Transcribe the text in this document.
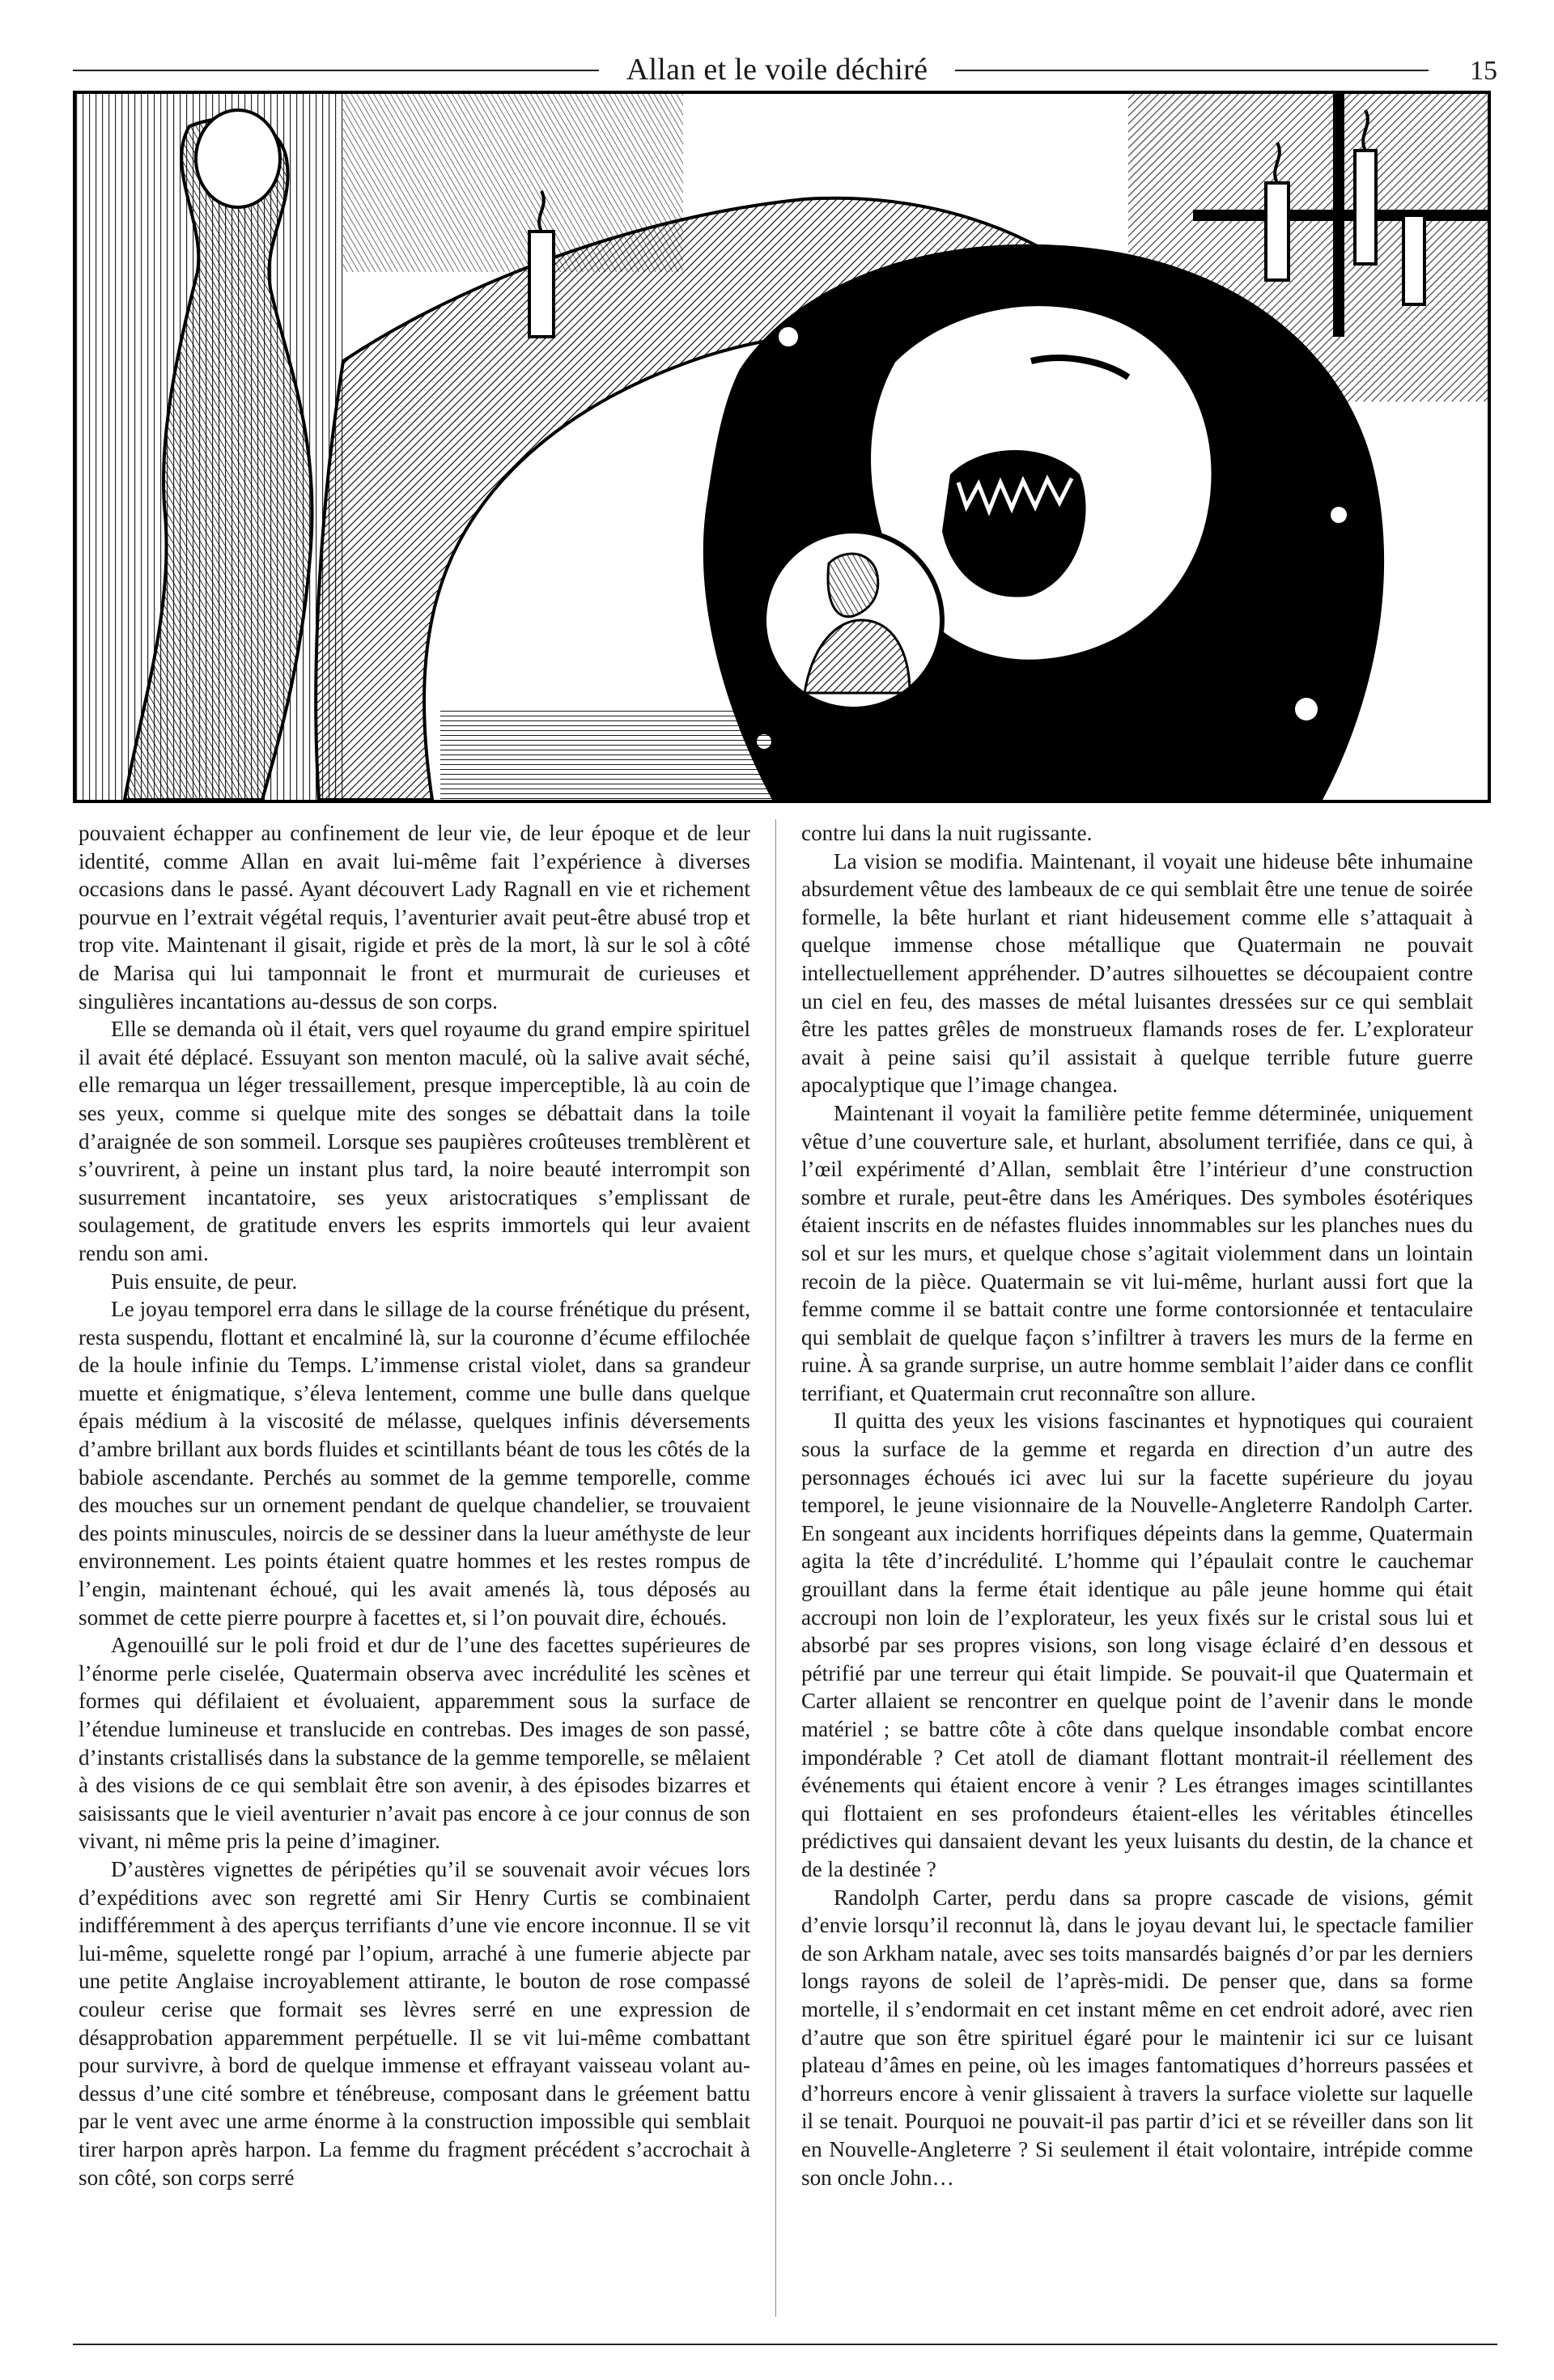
Allan et le voile déchiré	15

pouvaient échapper au confinement de leur vie, de leur époque et de leur identité, comme Allan en avait lui-même fait l’expérience à diverses occasions dans le passé. Ayant découvert Lady Ragnall en vie et richement pourvue en l’extrait végétal requis, l’aventurier avait peut-être abusé trop et trop vite. Maintenant il gisait, rigide et près de la mort, là sur le sol à côté de Marisa qui lui tamponnait le front et murmurait de curieuses et singulières incantations au-dessus de son corps.

Elle se demanda où il était, vers quel royaume du grand empire spirituel il avait été déplacé. Essuyant son menton maculé, où la salive avait séché, elle remarqua un léger tressaillement, presque imperceptible, là au coin de ses yeux, comme si quelque mite des songes se débattait dans la toile d’araignée de son sommeil. Lorsque ses paupières croûteuses tremblèrent et s’ouvrirent, à peine un instant plus tard, la noire beauté interrompit son susurrement incantatoire, ses yeux aristocratiques s’emplissant de soulagement, de gratitude envers les esprits immortels qui leur avaient rendu son ami.

Puis ensuite, de peur.

Le joyau temporel erra dans le sillage de la course frénétique du présent, resta suspendu, flottant et encalminé là, sur la couronne d’écume effilochée de la houle infinie du Temps. L’immense cristal violet, dans sa grandeur muette et énigmatique, s’éleva lentement, comme une bulle dans quelque épais médium à la viscosité de mélasse, quelques infinis déversements d’ambre brillant aux bords fluides et scintillants béant de tous les côtés de la babiole ascendante. Perchés au sommet de la gemme temporelle, comme des mouches sur un ornement pendant de quelque chandelier, se trouvaient des points minuscules, noircis de se dessiner dans la lueur améthyste de leur environnement. Les points étaient quatre hommes et les restes rompus de l’engin, maintenant échoué, qui les avait amenés là, tous déposés au sommet de cette pierre pourpre à facettes et, si l’on pouvait dire, échoués.

Agenouillé sur le poli froid et dur de l’une des facettes supérieures de l’énorme perle ciselée, Quatermain observa avec incrédulité les scènes et formes qui défilaient et évoluaient, apparemment sous la surface de l’étendue lumineuse et translucide en contrebas. Des images de son passé, d’instants cristallisés dans la substance de la gemme temporelle, se mêlaient à des visions de ce qui semblait être son avenir, à des épisodes bizarres et saisissants que le vieil aventurier n’avait pas encore à ce jour connus de son vivant, ni même pris la peine d’imaginer.

D’austères vignettes de péripéties qu’il se souvenait avoir vécues lors d’expéditions avec son regretté ami Sir Henry Curtis se combinaient indifféremment à des aperçus terrifiants d’une vie encore inconnue. Il se vit lui-même, squelette rongé par l’opium, arraché à une fumerie abjecte par une petite Anglaise incroyablement attirante, le bouton de rose compassé couleur cerise que formait ses lèvres serré en une expression de désapprobation apparemment perpétuelle. Il se vit lui-même combattant pour survivre, à bord de quelque immense et effrayant vaisseau volant au-dessus d’une cité sombre et ténébreuse, composant dans le gréement battu par le vent avec une arme énorme à la construction impossible qui semblait tirer harpon après harpon. La femme du fragment précédent s’accrochait à son côté, son corps serré

contre lui dans la nuit rugissante.

La vision se modifia. Maintenant, il voyait une hideuse bête inhumaine absurdement vêtue des lambeaux de ce qui semblait être une tenue de soirée formelle, la bête hurlant et riant hideusement comme elle s’attaquait à quelque immense chose métallique que Quatermain ne pouvait intellectuellement appréhender. D’autres silhouettes se découpaient contre un ciel en feu, des masses de métal luisantes dressées sur ce qui semblait être les pattes grêles de monstrueux flamands roses de fer. L’explorateur avait à peine saisi qu’il assistait à quelque terrible future guerre apocalyptique que l’image changea.

Maintenant il voyait la familière petite femme déterminée, uniquement vêtue d’une couverture sale, et hurlant, absolument terrifiée, dans ce qui, à l’œil expérimenté d’Allan, semblait être l’intérieur d’une construction sombre et rurale, peut-être dans les Amériques. Des symboles ésotériques étaient inscrits en de néfastes fluides innommables sur les planches nues du sol et sur les murs, et quelque chose s’agitait violemment dans un lointain recoin de la pièce. Quatermain se vit lui-même, hurlant aussi fort que la femme comme il se battait contre une forme contorsionnée et tentaculaire qui semblait de quelque façon s’infiltrer à travers les murs de la ferme en ruine. À sa grande surprise, un autre homme semblait l’aider dans ce conflit terrifiant, et Quatermain crut reconnaître son allure.

Il quitta des yeux les visions fascinantes et hypnotiques qui couraient sous la surface de la gemme et regarda en direction d’un autre des personnages échoués ici avec lui sur la facette supérieure du joyau temporel, le jeune visionnaire de la Nouvelle-Angleterre Randolph Carter. En songeant aux incidents horrifiques dépeints dans la gemme, Quatermain agita la tête d’incrédulité. L’homme qui l’épaulait contre le cauchemar grouillant dans la ferme était identique au pâle jeune homme qui était accroupi non loin de l’explorateur, les yeux fixés sur le cristal sous lui et absorbé par ses propres visions, son long visage éclairé d’en dessous et pétrifié par une terreur qui était limpide. Se pouvait-il que Quatermain et Carter allaient se rencontrer en quelque point de l’avenir dans le monde matériel ; se battre côte à côte dans quelque insondable combat encore impondérable ? Cet atoll de diamant flottant montrait-il réellement des événements qui étaient encore à venir ? Les étranges images scintillantes qui flottaient en ses profondeurs étaient-elles les véritables étincelles prédictives qui dansaient devant les yeux luisants du destin, de la chance et de la destinée ?

Randolph Carter, perdu dans sa propre cascade de visions, gémit d’envie lorsqu’il reconnut là, dans le joyau devant lui, le spectacle familier de son Arkham natale, avec ses toits mansardés baignés d’or par les derniers longs rayons de soleil de l’après-midi. De penser que, dans sa forme mortelle, il s’endormait en cet instant même en cet endroit adoré, avec rien d’autre que son être spirituel égaré pour le maintenir ici sur ce luisant plateau d’âmes en peine, où les images fantomatiques d’horreurs passées et d’horreurs encore à venir glissaient à travers la surface violette sur laquelle il se tenait. Pourquoi ne pouvait-il pas partir d’ici et se réveiller dans son lit en Nouvelle-Angleterre ? Si seulement il était volontaire, intrépide comme son oncle John…
